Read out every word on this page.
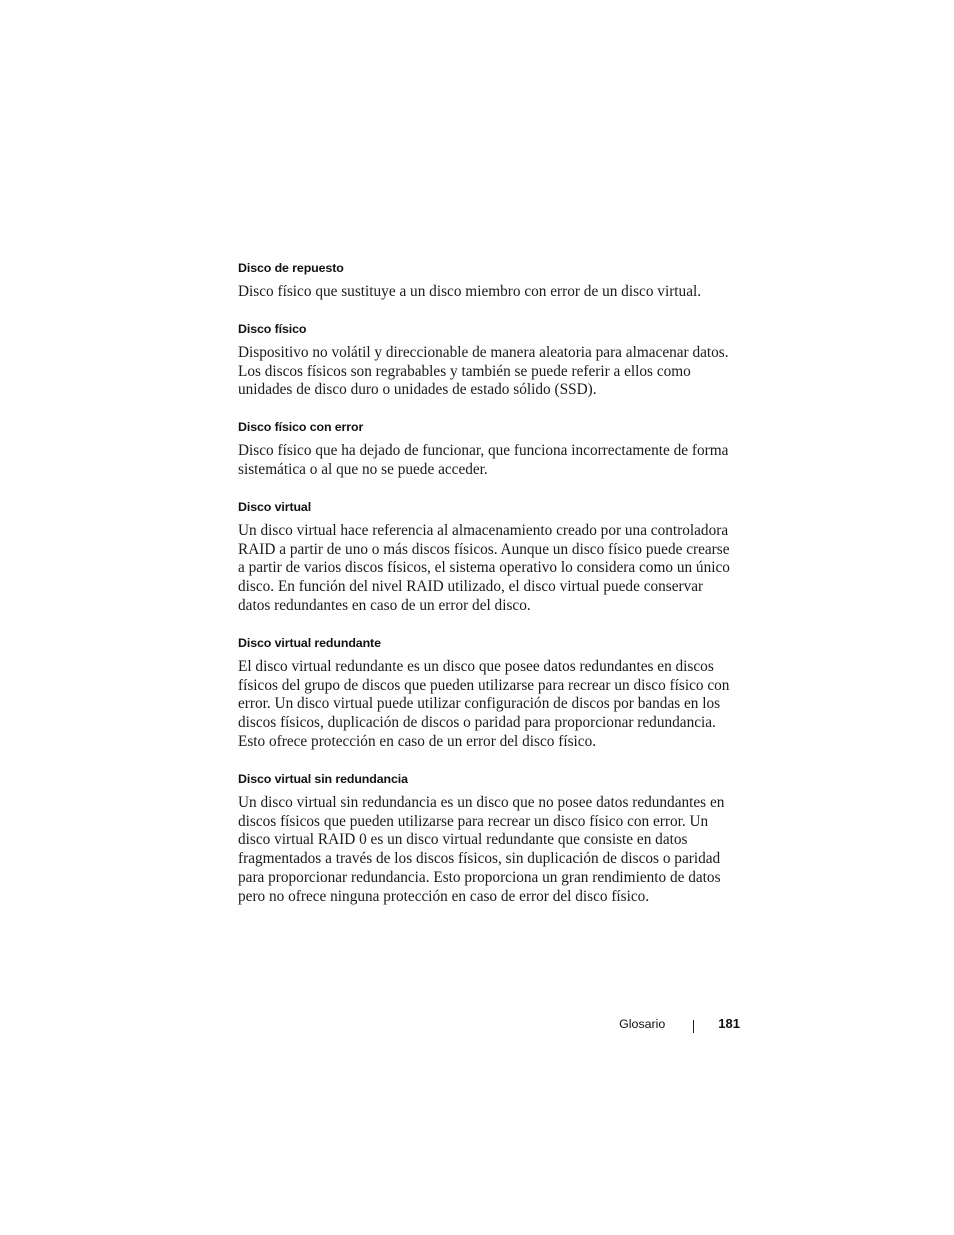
Disco de repuesto
Disco físico que sustituye a un disco miembro con error de un disco virtual.
Disco físico
Dispositivo no volátil y direccionable de manera aleatoria para almacenar datos.
Los discos físicos son regrabables y también se puede referir a ellos como
unidades de disco duro o unidades de estado sólido (SSD).
Disco físico con error
Disco físico que ha dejado de funcionar, que funciona incorrectamente de forma
sistemática o al que no se puede acceder.
Disco virtual
Un disco virtual hace referencia al almacenamiento creado por una controladora
RAID a partir de uno o más discos físicos. Aunque un disco físico puede crearse
a partir de varios discos físicos, el sistema operativo lo considera como un único
disco. En función del nivel RAID utilizado, el disco virtual puede conservar
datos redundantes en caso de un error del disco.
Disco virtual redundante
El disco virtual redundante es un disco que posee datos redundantes en discos
físicos del grupo de discos que pueden utilizarse para recrear un disco físico con
error. Un disco virtual puede utilizar configuración de discos por bandas en los
discos físicos, duplicación de discos o paridad para proporcionar redundancia.
Esto ofrece protección en caso de un error del disco físico.
Disco virtual sin redundancia
Un disco virtual sin redundancia es un disco que no posee datos redundantes en
discos físicos que pueden utilizarse para recrear un disco físico con error. Un
disco virtual RAID 0 es un disco virtual redundante que consiste en datos
fragmentados a través de los discos físicos, sin duplicación de discos o paridad
para proporcionar redundancia. Esto proporciona un gran rendimiento de datos
pero no ofrece ninguna protección en caso de error del disco físico.
Glosario	181
